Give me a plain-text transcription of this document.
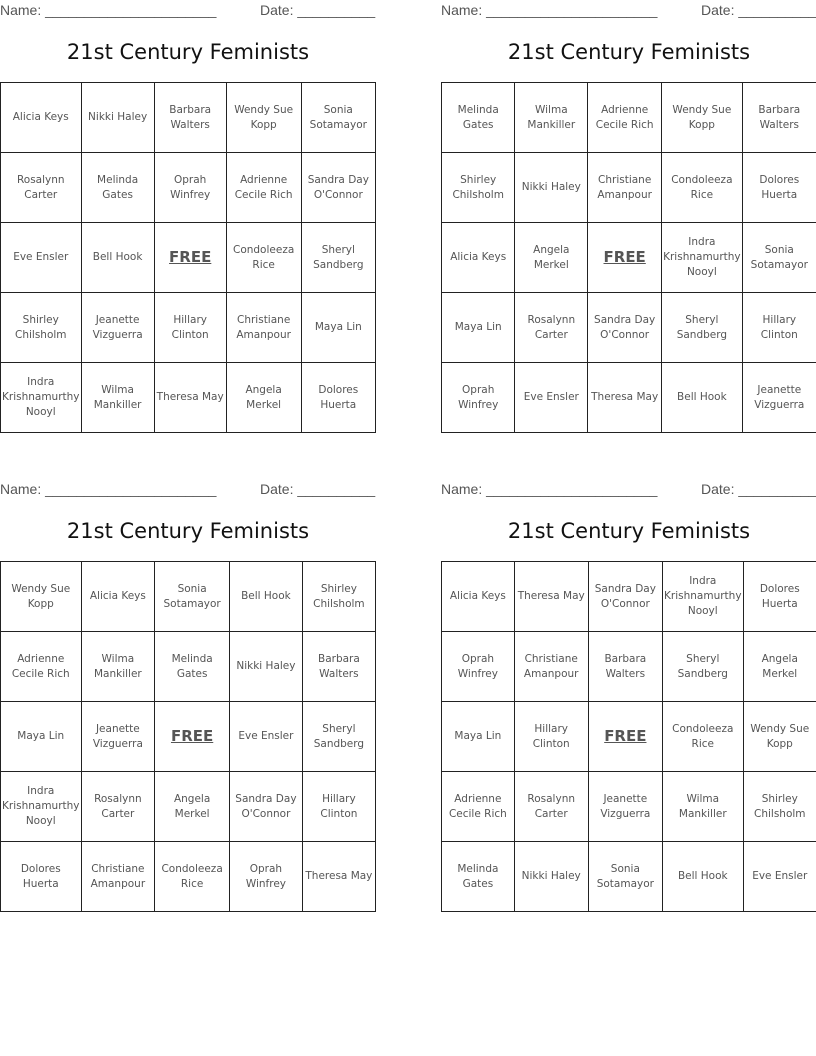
Name: ______________________	Date: __________
21st Century Feminists
Alicia Keys	Nikki Haley	Barbara Walters	Wendy Sue Kopp	Sonia Sotamayor
Rosalynn Carter	Melinda Gates	Oprah Winfrey	Adrienne Cecile Rich	Sandra Day O'Connor
Eve Ensler	Bell Hook	FREE	Condoleeza Rice	Sheryl Sandberg
Shirley Chilsholm	Jeanette Vizguerra	Hillary Clinton	Christiane Amanpour	Maya Lin
Indra Krishnamurthy Nooyl	Wilma Mankiller	Theresa May	Angela Merkel	Dolores Huerta
Name: ______________________	Date: __________
21st Century Feminists
Melinda Gates	Wilma Mankiller	Adrienne Cecile Rich	Wendy Sue Kopp	Barbara Walters
Shirley Chilsholm	Nikki Haley	Christiane Amanpour	Condoleeza Rice	Dolores Huerta
Alicia Keys	Angela Merkel	FREE	Indra Krishnamurthy Nooyl	Sonia Sotamayor
Maya Lin	Rosalynn Carter	Sandra Day O'Connor	Sheryl Sandberg	Hillary Clinton
Oprah Winfrey	Eve Ensler	Theresa May	Bell Hook	Jeanette Vizguerra
Name: ______________________	Date: __________
21st Century Feminists
Wendy Sue Kopp	Alicia Keys	Sonia Sotamayor	Bell Hook	Shirley Chilsholm
Adrienne Cecile Rich	Wilma Mankiller	Melinda Gates	Nikki Haley	Barbara Walters
Maya Lin	Jeanette Vizguerra	FREE	Eve Ensler	Sheryl Sandberg
Indra Krishnamurthy Nooyl	Rosalynn Carter	Angela Merkel	Sandra Day O'Connor	Hillary Clinton
Dolores Huerta	Christiane Amanpour	Condoleeza Rice	Oprah Winfrey	Theresa May
Name: ______________________	Date: __________
21st Century Feminists
Alicia Keys	Theresa May	Sandra Day O'Connor	Indra Krishnamurthy Nooyl	Dolores Huerta
Oprah Winfrey	Christiane Amanpour	Barbara Walters	Sheryl Sandberg	Angela Merkel
Maya Lin	Hillary Clinton	FREE	Condoleeza Rice	Wendy Sue Kopp
Adrienne Cecile Rich	Rosalynn Carter	Jeanette Vizguerra	Wilma Mankiller	Shirley Chilsholm
Melinda Gates	Nikki Haley	Sonia Sotamayor	Bell Hook	Eve Ensler
